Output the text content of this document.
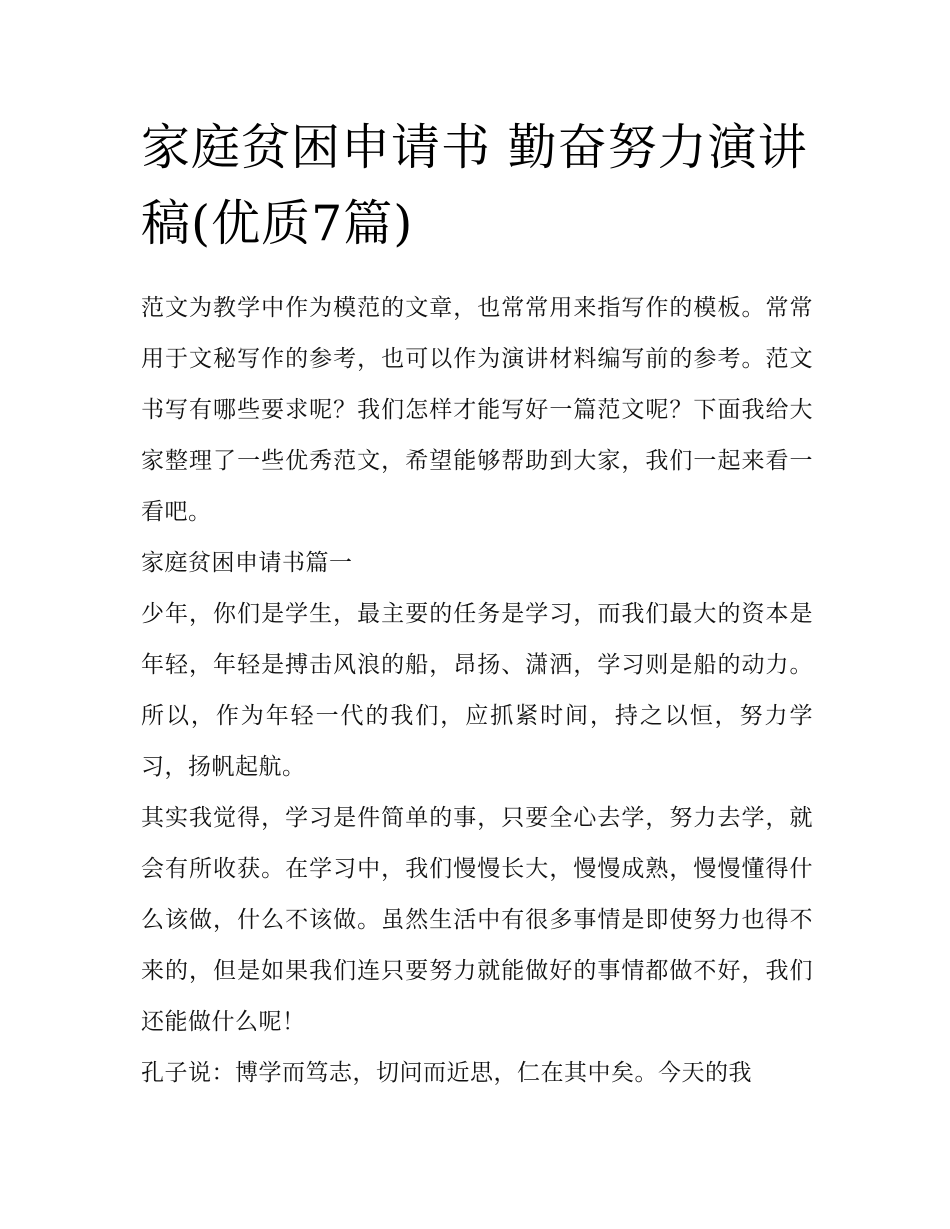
家庭贫困申请书 勤奋努力演讲稿(优质7篇)

范文为教学中作为模范的文章，也常常用来指写作的模板。常常用于文秘写作的参考，也可以作为演讲材料编写前的参考。范文书写有哪些要求呢？我们怎样才能写好一篇范文呢？下面我给大家整理了一些优秀范文，希望能够帮助到大家，我们一起来看一看吧。

家庭贫困申请书篇一

少年，你们是学生，最主要的任务是学习，而我们最大的资本是年轻，年轻是搏击风浪的船，昂扬、潇洒，学习则是船的动力。所以，作为年轻一代的我们，应抓紧时间，持之以恒，努力学习，扬帆起航。

其实我觉得，学习是件简单的事，只要全心去学，努力去学，就会有所收获。在学习中，我们慢慢长大，慢慢成熟，慢慢懂得什么该做，什么不该做。虽然生活中有很多事情是即使努力也得不来的，但是如果我们连只要努力就能做好的事情都做不好，我们还能做什么呢！

孔子说：博学而笃志，切问而近思，仁在其中矣。今天的我
